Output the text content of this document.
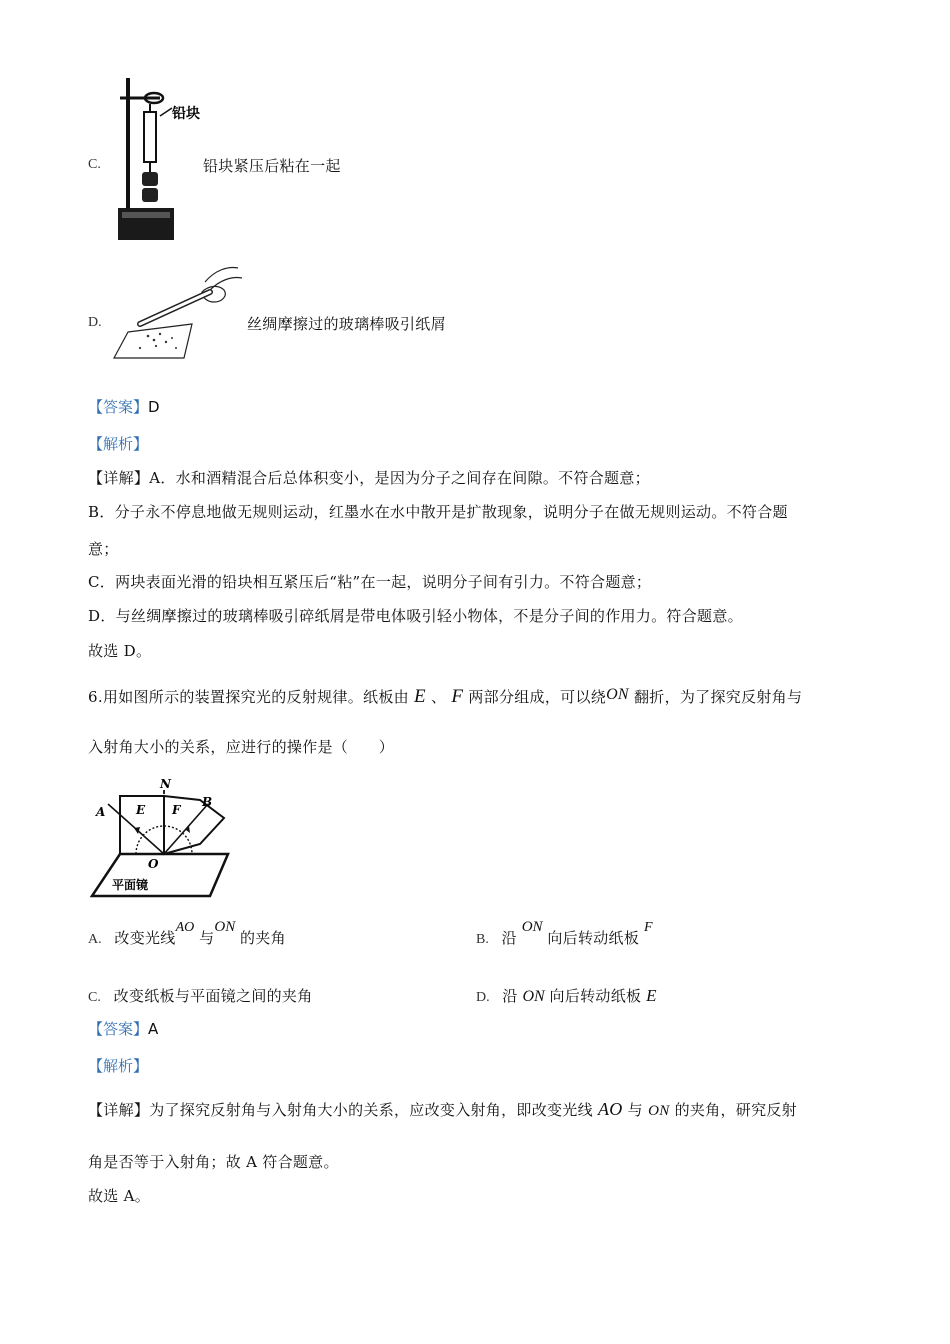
铅块
C.	铅块紧压后粘在一起
D.	丝绸摩擦过的玻璃棒吸引纸屑
【答案】D
【解析】
【详解】A．水和酒精混合后总体积变小，是因为分子之间存在间隙。不符合题意；
B．分子永不停息地做无规则运动，红墨水在水中散开是扩散现象，说明分子在做无规则运动。不符合题
意；
C．两块表面光滑的铅块相互紧压后“粘”在一起，说明分子间有引力。不符合题意；
D．与丝绸摩擦过的玻璃棒吸引碎纸屑是带电体吸引轻小物体，不是分子间的作用力。符合题意。
故选 D。
6.用如图所示的装置探究光的反射规律。纸板由 E 、 F 两部分组成，可以绕ON 翻折，为了探究反射角与
入射角大小的关系，应进行的操作是（　　）
N
A
B
E F
O
平面镜
A. 改变光线AO 与ON 的夹角	B. 沿 ON 向后转动纸板 F
C. 改变纸板与平面镜之间的夹角	D. 沿 ON 向后转动纸板 E
【答案】A
【解析】
【详解】为了探究反射角与入射角大小的关系，应改变入射角，即改变光线 AO 与 ON 的夹角，研究反射
角是否等于入射角；故 A 符合题意。
故选 A。
